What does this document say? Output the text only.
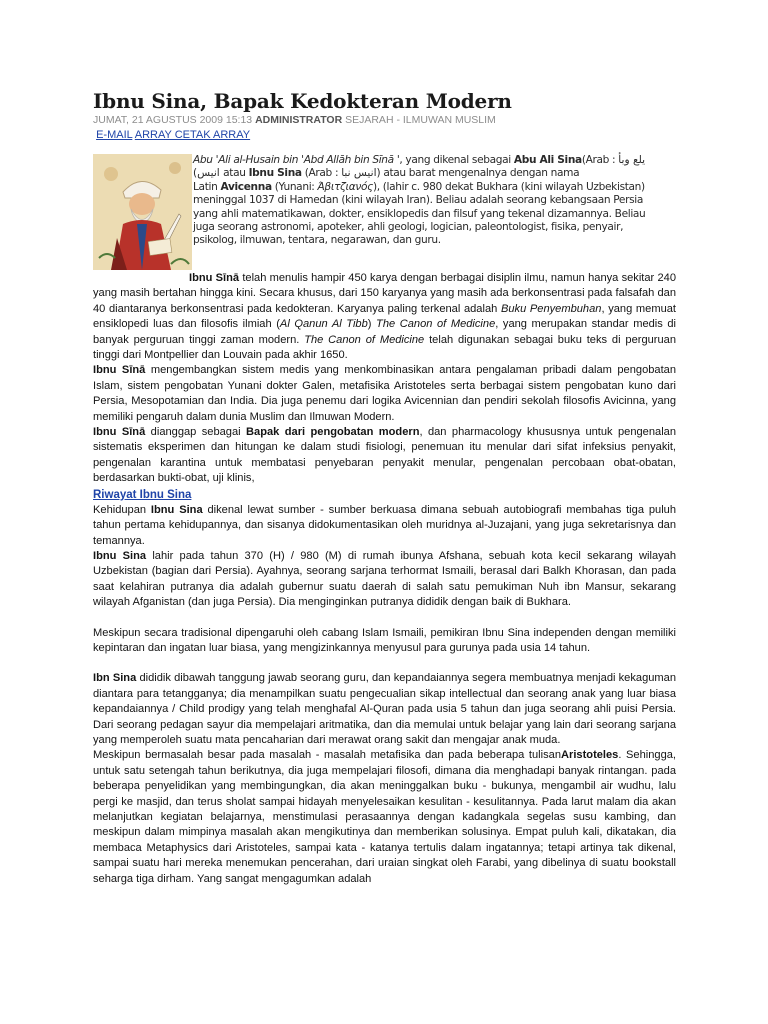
Ibnu Sina, Bapak Kedokteran Modern
JUMAT, 21 AGUSTUS 2009 15:13 ADMINISTRATOR SEJARAH - ILMUWAN MUSLIM
E-MAIL ARRAY CETAK ARRAY

Abu 'Ali al-Husain bin 'Abd Allāh bin Sīnā ', yang dikenal sebagai Abu Ali Sina(Arab : يلع وبأ

(انيس atau Ibnu Sina (Arab : انيس نبا) atau barat mengenalnya dengan nama

Latin Avicenna (Yunani: Άβιτζιανός), (lahir c. 980 dekat Bukhara (kini wilayah Uzbekistan)

meninggal 1037 di Hamedan (kini wilayah Iran). Beliau adalah seorang kebangsaan Persia

yang ahli matematikawan, dokter, ensiklopedis dan filsuf yang tekenal dizamannya. Beliau

juga seorang astronomi, apoteker, ahli geologi, logician, paleontologist, fisika, penyair,

psikolog, ilmuwan, tentara, negarawan, dan guru.

Ibnu Sīnā telah menulis hampir 450 karya dengan berbagai disiplin ilmu, namun hanya sekitar 240 yang masih bertahan hingga kini. Secara khusus, dari 150 karyanya yang masih ada berkonsentrasi pada falsafah dan 40 diantaranya berkonsentrasi pada kedokteran. Karyanya paling terkenal adalah Buku Penyembuhan, yang memuat ensiklopedi luas dan filosofis ilmiah (Al Qanun Al Tibb) The Canon of Medicine, yang merupakan standar medis di banyak perguruan tinggi zaman modern. The Canon of Medicine telah digunakan sebagai buku teks di perguruan tinggi dari Montpellier dan Louvain pada akhir 1650.

Ibnu Sīnā mengembangkan sistem medis yang menkombinasikan antara pengalaman pribadi dalam pengobatan Islam, sistem pengobatan Yunani dokter Galen, metafisika Aristoteles serta berbagai sistem pengobatan kuno dari Persia, Mesopotamian dan India. Dia juga penemu dari logika Avicennian dan pendiri sekolah filosofis Avicinna, yang memiliki pengaruh dalam dunia Muslim dan Ilmuwan Modern.

Ibnu Sīnā dianggap sebagai Bapak dari pengobatan modern, dan pharmacology khususnya untuk pengenalan sistematis eksperimen dan hitungan ke dalam studi fisiologi, penemuan itu menular dari sifat infeksius penyakit, pengenalan karantina untuk membatasi penyebaran penyakit menular, pengenalan percobaan obat-obatan, berdasarkan bukti-obat, uji klinis,

Riwayat Ibnu Sina

Kehidupan Ibnu Sina dikenal lewat sumber - sumber berkuasa dimana sebuah autobiografi membahas tiga puluh tahun pertama kehidupannya, dan sisanya didokumentasikan oleh muridnya al-Juzajani, yang juga sekretarisnya dan temannya.

Ibnu Sina lahir pada tahun 370 (H) / 980 (M) di rumah ibunya Afshana, sebuah kota kecil sekarang wilayah Uzbekistan (bagian dari Persia). Ayahnya, seorang sarjana terhormat Ismaili, berasal dari Balkh Khorasan, dan pada saat kelahiran putranya dia adalah gubernur suatu daerah di salah satu pemukiman Nuh ibn Mansur, sekarang wilayah Afganistan (dan juga Persia). Dia menginginkan putranya dididik dengan baik di Bukhara.

Meskipun secara tradisional dipengaruhi oleh cabang Islam Ismaili, pemikiran Ibnu Sina independen dengan memiliki kepintaran dan ingatan luar biasa, yang mengizinkannya menyusul para gurunya pada usia 14 tahun.

Ibn Sina dididik dibawah tanggung jawab seorang guru, dan kepandaiannya segera membuatnya menjadi kekaguman diantara para tetangganya; dia menampilkan suatu pengecualian sikap intellectual dan seorang anak yang luar biasa kepandaiannya / Child prodigy yang telah menghafal Al-Quran pada usia 5 tahun dan juga seorang ahli puisi Persia. Dari seorang pedagan sayur dia mempelajari aritmatika, dan dia memulai untuk belajar yang lain dari seorang sarjana yang memperoleh suatu mata pencaharian dari merawat orang sakit dan mengajar anak muda.

Meskipun bermasalah besar pada masalah - masalah metafisika dan pada beberapa tulisanAristoteles. Sehingga, untuk satu setengah tahun berikutnya, dia juga mempelajari filosofi, dimana dia menghadapi banyak rintangan. pada beberapa penyelidikan yang membingungkan, dia akan meninggalkan buku - bukunya, mengambil air wudhu, lalu pergi ke masjid, dan terus sholat sampai hidayah menyelesaikan kesulitan - kesulitannya. Pada larut malam dia akan melanjutkan kegiatan belajarnya, menstimulasi perasaannya dengan kadangkala segelas susu kambing, dan meskipun dalam mimpinya masalah akan mengikutinya dan memberikan solusinya. Empat puluh kali, dikatakan, dia membaca Metaphysics dari Aristoteles, sampai kata - katanya tertulis dalam ingatannya; tetapi artinya tak dikenal, sampai suatu hari mereka menemukan pencerahan, dari uraian singkat oleh Farabi, yang dibelinya di suatu bookstall seharga tiga dirham. Yang sangat mengagumkan adalah
